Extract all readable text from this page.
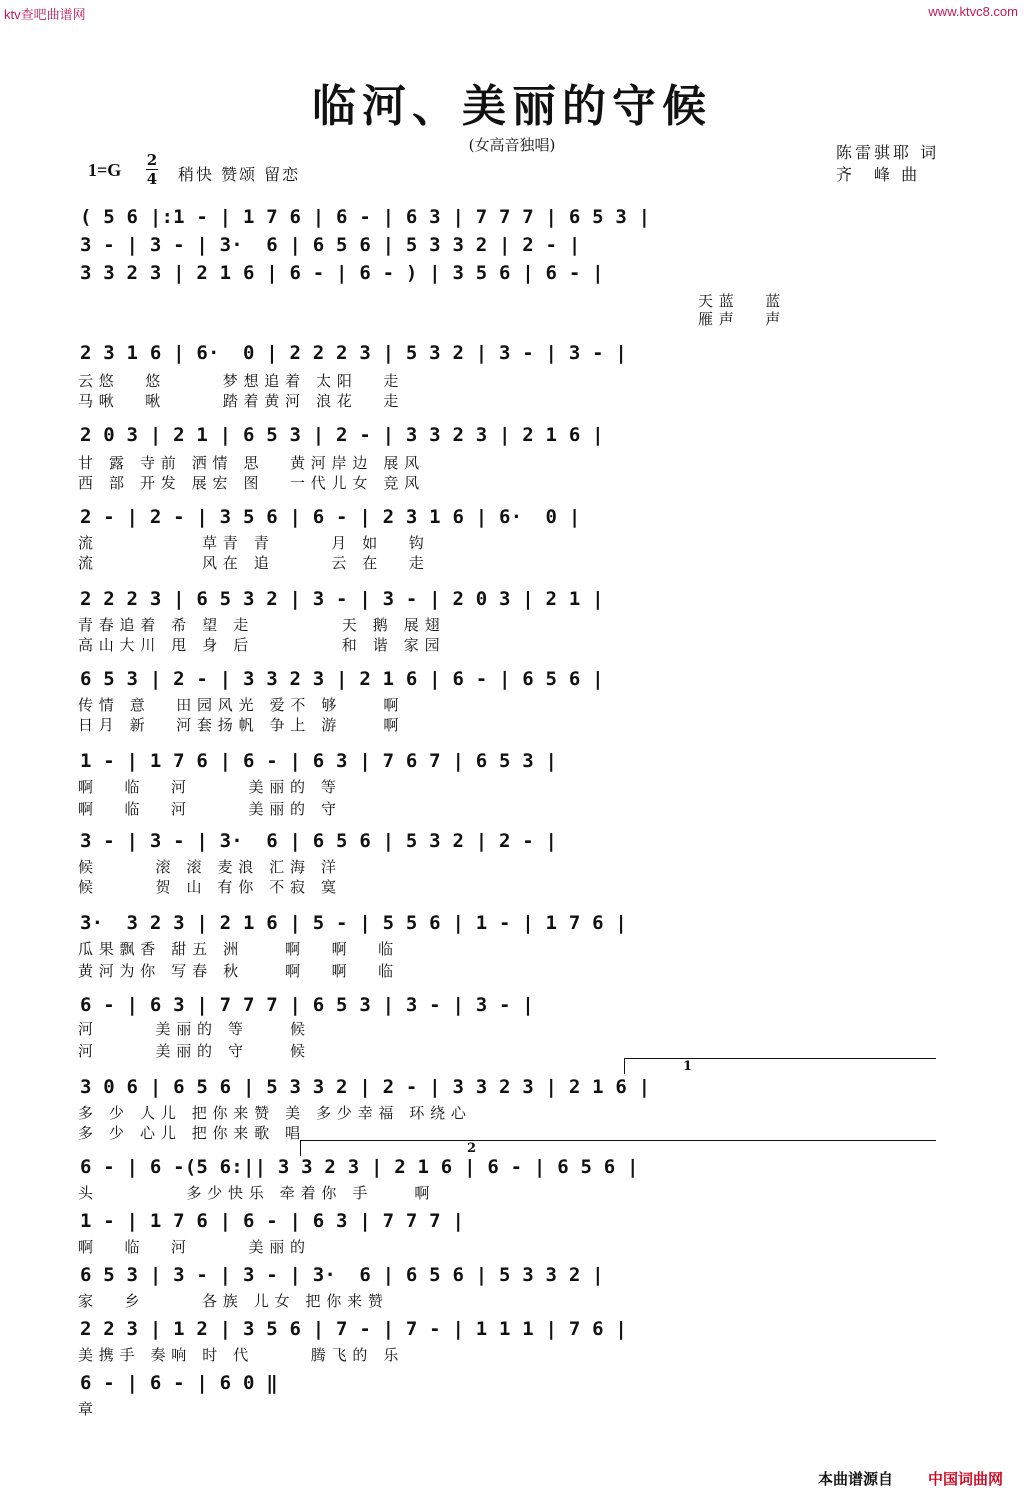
ktv查吧曲谱网	www.ktvc8.com
临河、美丽的守候
(女高音独唱)	陈雷骐耶 词
齐　峰 曲
1=G 2
4 稍快 赞颂 留恋
( 5 6 |:1 - | 1 7 6 | 6 - | 6 3 | 7 7 7 | 6 5 3 |
3 - | 3 - | 3·  6 | 6 5 6 | 5 3 3 2 | 2 - |
3 3 2 3 | 2 1 6 | 6 - | 6 - ) | 3 5 6 | 6 - |
天 蓝　　蓝
雁 声　　声
2 3 1 6 | 6·  0 | 2 2 2 3 | 5 3 2 | 3 - | 3 - |
云 悠　　悠　　　　梦 想 追 着　太 阳　　走
马 啾　　啾　　　　踏 着 黄 河　浪 花　　走
2 0 3 | 2 1 | 6 5 3 | 2 - | 3 3 2 3 | 2 1 6 |
甘　露　寺 前　洒 情　思　　黄 河 岸 边　展 风
西　部　开 发　展 宏　图　　一 代 儿 女　竞 风
2 - | 2 - | 3 5 6 | 6 - | 2 3 1 6 | 6·  0 |
流　　　　　　　草 青　青　　　　月　如　　钩
流　　　　　　　风 在　追　　　　云　在　　走
2 2 2 3 | 6 5 3 2 | 3 - | 3 - | 2 0 3 | 2 1 |
青 春 追 着　希　望　走　　　　　　天　鹅　展 翅
高 山 大 川　甩　身　后　　　　　　和　谐　家 园
6 5 3 | 2 - | 3 3 2 3 | 2 1 6 | 6 - | 6 5 6 |
传 情　意　　田 园 风 光　爱 不　够　　　啊
日 月　新　　河 套 扬 帆　争 上　游　　　啊
1 - | 1 7 6 | 6 - | 6 3 | 7 6 7 | 6 5 3 |
啊　　临　　河　　　　美 丽 的　等
啊　　临　　河　　　　美 丽 的　守
3 - | 3 - | 3·  6 | 6 5 6 | 5 3 2 | 2 - |
候　　　　滚　滚　麦 浪　汇 海　洋
候　　　　贺　山　有 你　不 寂　寞
3·  3 2 3 | 2 1 6 | 5 - | 5 5 6 | 1 - | 1 7 6 |
瓜 果 飘 香　甜 五　洲　　　啊　　啊　　临
黄 河 为 你　写 春　秋　　　啊　　啊　　临
6 - | 6 3 | 7 7 7 | 6 5 3 | 3 - | 3 - |
河　　　　美 丽 的　等　　　候
河　　　　美 丽 的　守　　　候
1
3 0 6 | 6 5 6 | 5 3 3 2 | 2 - | 3 3 2 3 | 2 1 6 |
多　少　人 儿　把 你 来 赞　美　多 少 幸 福　环 绕 心
多　少　心 儿　把 你 来 歌　唱
2
6 - | 6 -(5 6:|| 3 3 2 3 | 2 1 6 | 6 - | 6 5 6 |
头　　　　　　多 少 快 乐　牵 着 你　手　　　啊
1 - | 1 7 6 | 6 - | 6 3 | 7 7 7 |
啊　　临　　河　　　　美 丽 的
6 5 3 | 3 - | 3 - | 3·  6 | 6 5 6 | 5 3 3 2 |
家　　乡　　　　各 族　儿 女　把 你 来 赞
2 2 3 | 1 2 | 3 5 6 | 7 - | 7 - | 1 1 1 | 7 6 |
美 携 手　奏 响　时　代　　　　腾 飞 的　乐
6 - | 6 - | 6 0 ‖
章
本曲谱源自 中国词曲网
